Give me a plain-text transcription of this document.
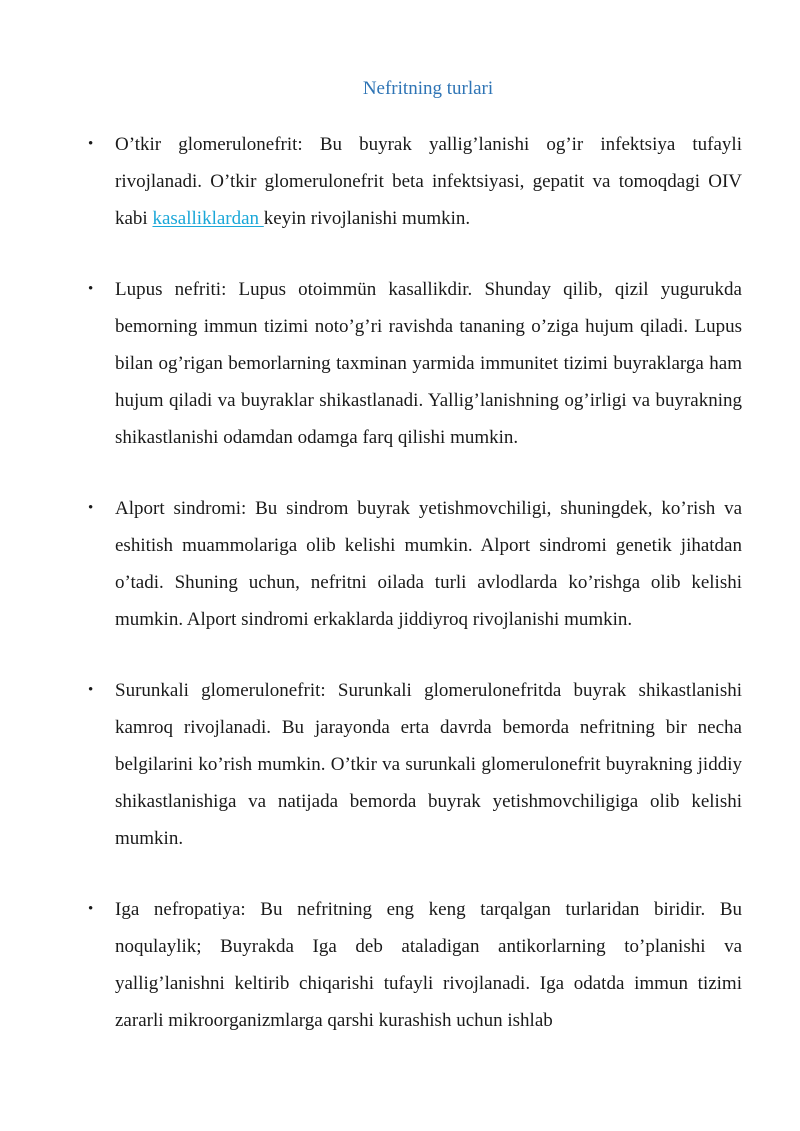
Nefritning turlari
• O’tkir glomerulonefrit: Bu buyrak yallig’lanishi og’ir infektsiya tufayli rivojlanadi. O’tkir glomerulonefrit beta infektsiyasi, gepatit va tomoqdagi OIV kabi kasalliklardan keyin rivojlanishi mumkin.
• Lupus nefriti: Lupus otoimmün kasallikdir. Shunday qilib, qizil yugurukda bemorning immun tizimi noto’g’ri ravishda tananing o’ziga hujum qiladi. Lupus bilan og’rigan bemorlarning taxminan yarmida immunitet tizimi buyraklarga ham hujum qiladi va buyraklar shikastlanadi. Yallig’lanishning og’irligi va buyrakning shikastlanishi odamdan odamga farq qilishi mumkin.
• Alport sindromi: Bu sindrom buyrak yetishmovchiligi, shuningdek, ko’rish va eshitish muammolariga olib kelishi mumkin. Alport sindromi genetik jihatdan o’tadi. Shuning uchun, nefritni oilada turli avlodlarda ko’rishga olib kelishi mumkin. Alport sindromi erkaklarda jiddiyroq rivojlanishi mumkin.
• Surunkali glomerulonefrit: Surunkali glomerulonefritda buyrak shikastlanishi kamroq rivojlanadi. Bu jarayonda erta davrda bemorda nefritning bir necha belgilarini ko’rish mumkin. O’tkir va surunkali glomerulonefrit buyrakning jiddiy shikastlanishiga va natijada bemorda buyrak yetishmovchiligiga olib kelishi mumkin.
• Iga nefropatiya: Bu nefritning eng keng tarqalgan turlaridan biridir. Bu noqulaylik; Buyrakda Iga deb ataladigan antikorlarning to’planishi va yallig’lanishni keltirib chiqarishi tufayli rivojlanadi. Iga odatda immun tizimi zararli mikroorganizmlarga qarshi kurashish uchun ishlab
